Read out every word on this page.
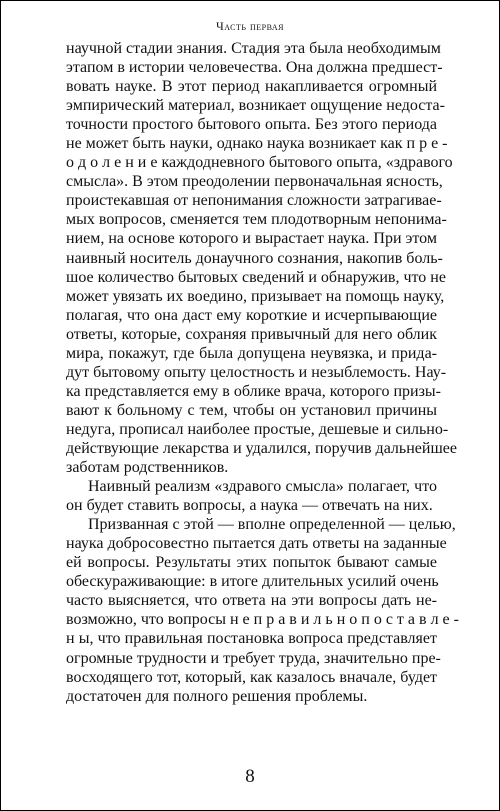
Часть первая
научной стадии знания. Стадия эта была необходимым
этапом в истории человечества. Она должна предшест-
вовать науке. В этот период накапливается огромный
эмпирический материал, возникает ощущение недоста-
точности простого бытового опыта. Без этого периода
не может быть науки, однако наука возникает как п р е -
о д о л е н и е каждодневного бытового опыта, «здравого
смысла». В этом преодолении первоначальная ясность,
проистекавшая от непонимания сложности затрагивае-
мых вопросов, сменяется тем плодотворным непонима-
нием, на основе которого и вырастает наука. При этом
наивный носитель донаучного сознания, накопив боль-
шое количество бытовых сведений и обнаружив, что не
может увязать их воедино, призывает на помощь науку,
полагая, что она даст ему короткие и исчерпывающие
ответы, которые, сохраняя привычный для него облик
мира, покажут, где была допущена неувязка, и прида-
дут бытовому опыту целостность и незыблемость. Нау-
ка представляется ему в облике врача, которого призы-
вают к больному с тем, чтобы он установил причины
недуга, прописал наиболее простые, дешевые и сильно-
действующие лекарства и удалился, поручив дальнейшее
заботам родственников.
Наивный реализм «здравого смысла» полагает, что
он будет ставить вопросы, а наука — отвечать на них.
Призванная с этой — вполне определенной — целью,
наука добросовестно пытается дать ответы на заданные
ей вопросы. Результаты этих попыток бывают самые
обескураживающие: в итоге длительных усилий очень
часто выясняется, что ответа на эти вопросы дать не-
возможно, что вопросы н е п р а в и л ь н о п о с т а в л е -
н ы, что правильная постановка вопроса представляет
огромные трудности и требует труда, значительно пре-
восходящего тот, который, как казалось вначале, будет
достаточен для полного решения проблемы.
8
